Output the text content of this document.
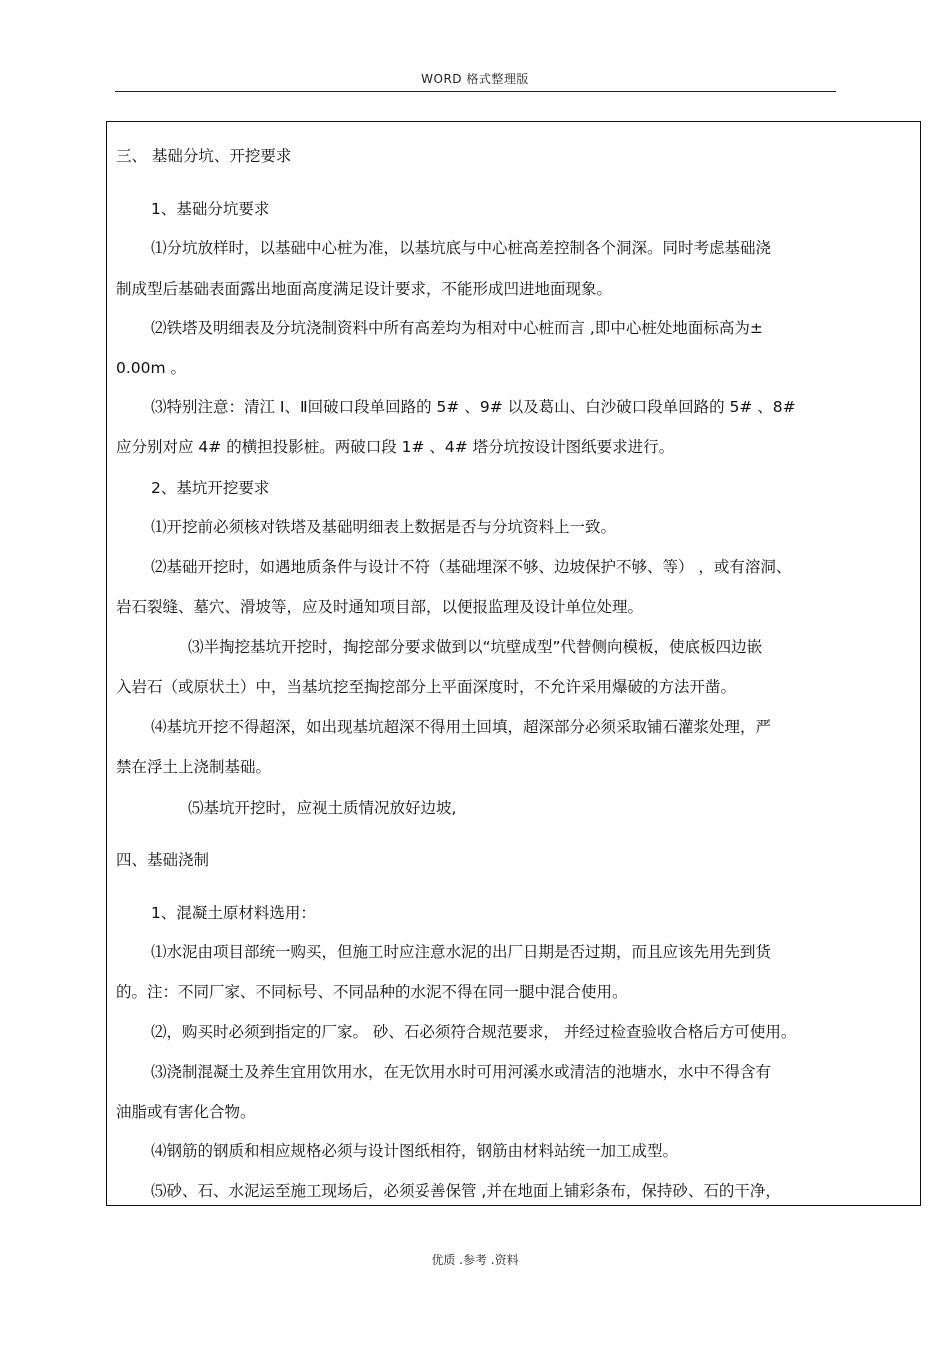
WORD 格式整理版
三、 基础分坑、开挖要求
1、基础分坑要求
⑴分坑放样时，以基础中心桩为准，以基坑底与中心桩高差控制各个洞深。同时考虑基础浇
制成型后基础表面露出地面高度满足设计要求，不能形成凹进地面现象。
⑵铁塔及明细表及分坑浇制资料中所有高差均为相对中心桩而言 ,即中心桩处地面标高为±
0.00m 。
⑶特别注意：清江 Ⅰ、Ⅱ回破口段单回路的 5# 、9# 以及葛山、白沙破口段单回路的 5# 、8#
应分别对应 4# 的横担投影桩。两破口段 1# 、4# 塔分坑按设计图纸要求进行。
2、基坑开挖要求
⑴开挖前必须核对铁塔及基础明细表上数据是否与分坑资料上一致。
⑵基础开挖时，如遇地质条件与设计不符（基础埋深不够、边坡保护不够、等） ，或有溶洞、
岩石裂缝、墓穴、滑坡等，应及时通知项目部，以便报监理及设计单位处理。
⑶半掏挖基坑开挖时，掏挖部分要求做到以“坑壁成型”代替侧向模板，使底板四边嵌
入岩石（或原状土）中，当基坑挖至掏挖部分上平面深度时，不允许采用爆破的方法开凿。
⑷基坑开挖不得超深，如出现基坑超深不得用土回填，超深部分必须采取铺石灌浆处理，严
禁在浮土上浇制基础。
⑸基坑开挖时，应视土质情况放好边坡,
四、基础浇制
1、混凝土原材料选用：
⑴水泥由项目部统一购买，但施工时应注意水泥的出厂日期是否过期，而且应该先用先到货
的。注：不同厂家、不同标号、不同品种的水泥不得在同一腿中混合使用。
⑵，购买时必须到指定的厂家。 砂、石必须符合规范要求， 并经过检查验收合格后方可使用。
⑶浇制混凝土及养生宜用饮用水，在无饮用水时可用河溪水或清洁的池塘水，水中不得含有
油脂或有害化合物。
⑷钢筋的钢质和相应规格必须与设计图纸相符，钢筋由材料站统一加工成型。
⑸砂、石、水泥运至施工现场后，必须妥善保管 ,并在地面上铺彩条布，保持砂、石的干净，
优质 .参考 .资料
